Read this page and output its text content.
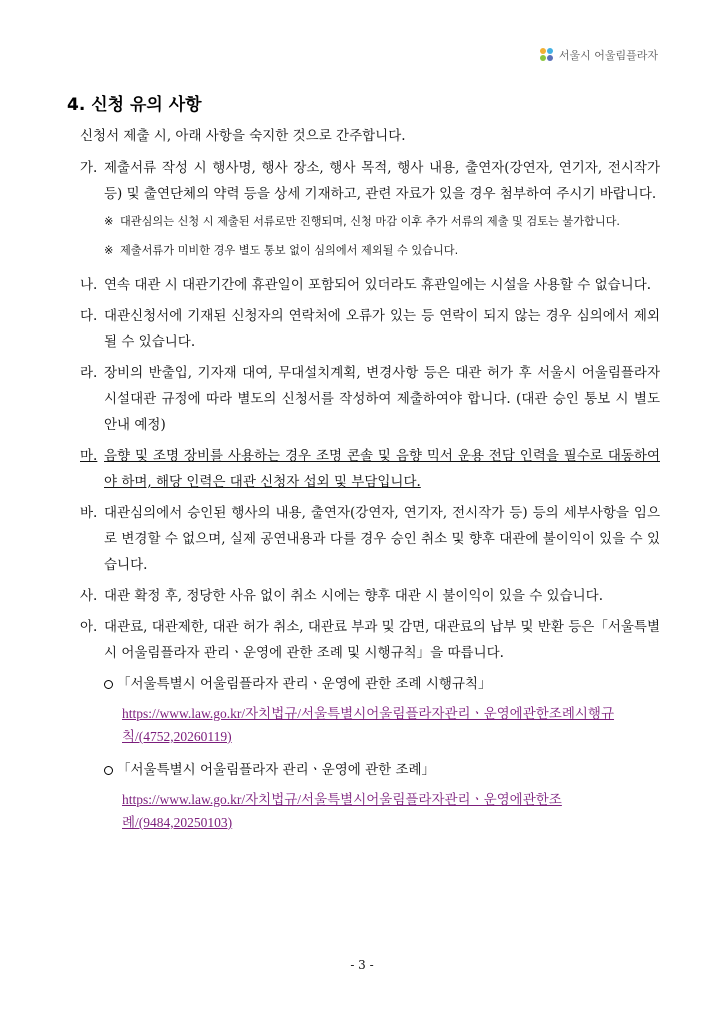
서울시 어울림플라자
4. 신청 유의 사항
신청서 제출 시, 아래 사항을 숙지한 것으로 간주합니다.
가. 제출서류 작성 시 행사명, 행사 장소, 행사 목적, 행사 내용, 출연자(강연자, 연기자, 전시작가 등) 및 출연단체의 약력 등을 상세 기재하고, 관련 자료가 있을 경우 첨부하여 주시기 바랍니다.
※ 대관심의는 신청 시 제출된 서류로만 진행되며, 신청 마감 이후 추가 서류의 제출 및 검토는 불가합니다.
※ 제출서류가 미비한 경우 별도 통보 없이 심의에서 제외될 수 있습니다.
나. 연속 대관 시 대관기간에 휴관일이 포함되어 있더라도 휴관일에는 시설을 사용할 수 없습니다.
다. 대관신청서에 기재된 신청자의 연락처에 오류가 있는 등 연락이 되지 않는 경우 심의에서 제외될 수 있습니다.
라. 장비의 반출입, 기자재 대여, 무대설치계획, 변경사항 등은 대관 허가 후 서울시 어울림플라자 시설대관 규정에 따라 별도의 신청서를 작성하여 제출하여야 합니다. (대관 승인 통보 시 별도 안내 예정)
마. 음향 및 조명 장비를 사용하는 경우 조명 콘솔 및 음향 믹서 운용 전담 인력을 필수로 대동하여야 하며, 해당 인력은 대관 신청자 섭외 및 부담입니다.
바. 대관심의에서 승인된 행사의 내용, 출연자(강연자, 연기자, 전시작가 등) 등의 세부사항을 임으로 변경할 수 없으며, 실제 공연내용과 다를 경우 승인 취소 및 향후 대관에 불이익이 있을 수 있습니다.
사. 대관 확정 후, 정당한 사유 없이 취소 시에는 향후 대관 시 불이익이 있을 수 있습니다.
아. 대관료, 대관제한, 대관 허가 취소, 대관료 부과 및 감면, 대관료의 납부 및 반환 등은「서울특별시 어울림플라자 관리ㆍ운영에 관한 조례 및 시행규칙」을 따릅니다.
「서울특별시 어울림플라자 관리ㆍ운영에 관한 조례 시행규칙」
https://www.law.go.kr/자치법규/서울특별시어울림플라자관리ㆍ운영에관한조례시행규칙/(4752,20260119)
「서울특별시 어울림플라자 관리ㆍ운영에 관한 조례」
https://www.law.go.kr/자치법규/서울특별시어울림플라자관리ㆍ운영에관한조례/(9484,20250103)
- 3 -
